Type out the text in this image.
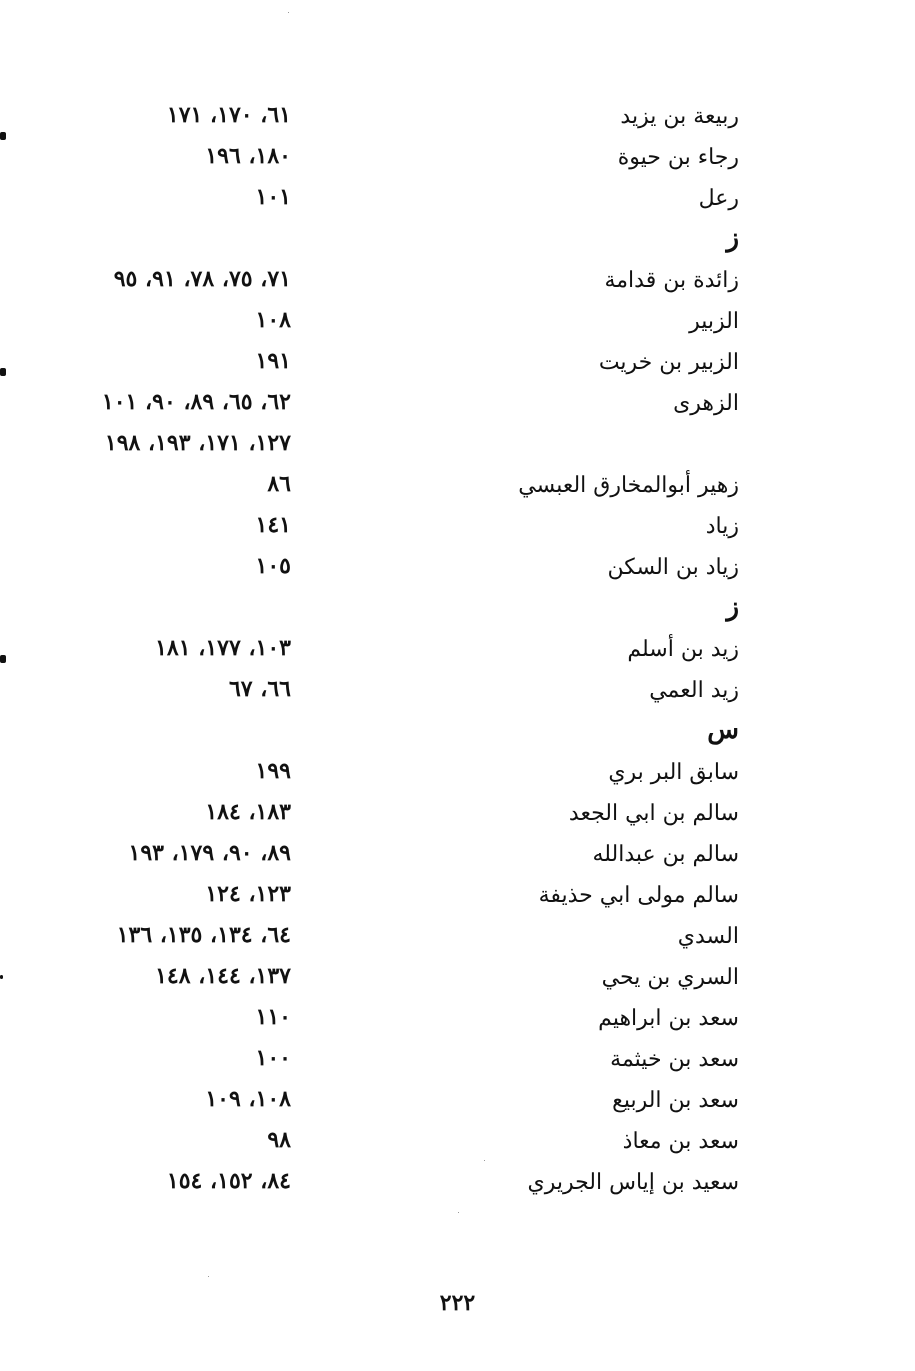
ربيعة بن يزيد
٦١، ١٧٠، ١٧١
رجاء بن حيوة
١٨٠، ١٩٦
رعل
١٠١
ز
زائدة بن قدامة
٧١، ٧٥، ٧٨، ٩١، ٩٥
الزبير
١٠٨
الزبير بن خريت
١٩١
الزهرى
٦٢، ٦٥، ٨٩، ٩٠، ١٠١
١٢٧، ١٧١، ١٩٣، ١٩٨
زهير أبوالمخارق العبسي
٨٦
زياد
١٤١
زياد بن السكن
١٠٥
ز
زيد بن أسلم
١٠٣، ١٧٧، ١٨١
زيد العمي
٦٦، ٦٧
س
سابق البر بري
١٩٩
سالم بن ابي الجعد
١٨٣، ١٨٤
سالم بن عبدالله
٨٩، ٩٠، ١٧٩، ١٩٣
سالم مولى ابي حذيفة
١٢٣، ١٢٤
السدي
٦٤، ١٣٤، ١٣٥، ١٣٦
السري بن يحي
١٣٧، ١٤٤، ١٤٨
سعد بن ابراهيم
١١٠
سعد بن خيثمة
١٠٠
سعد بن الربيع
١٠٨، ١٠٩
سعد بن معاذ
٩٨
سعيد بن إياس الجريري
٨٤، ١٥٢، ١٥٤
٢٢٢
